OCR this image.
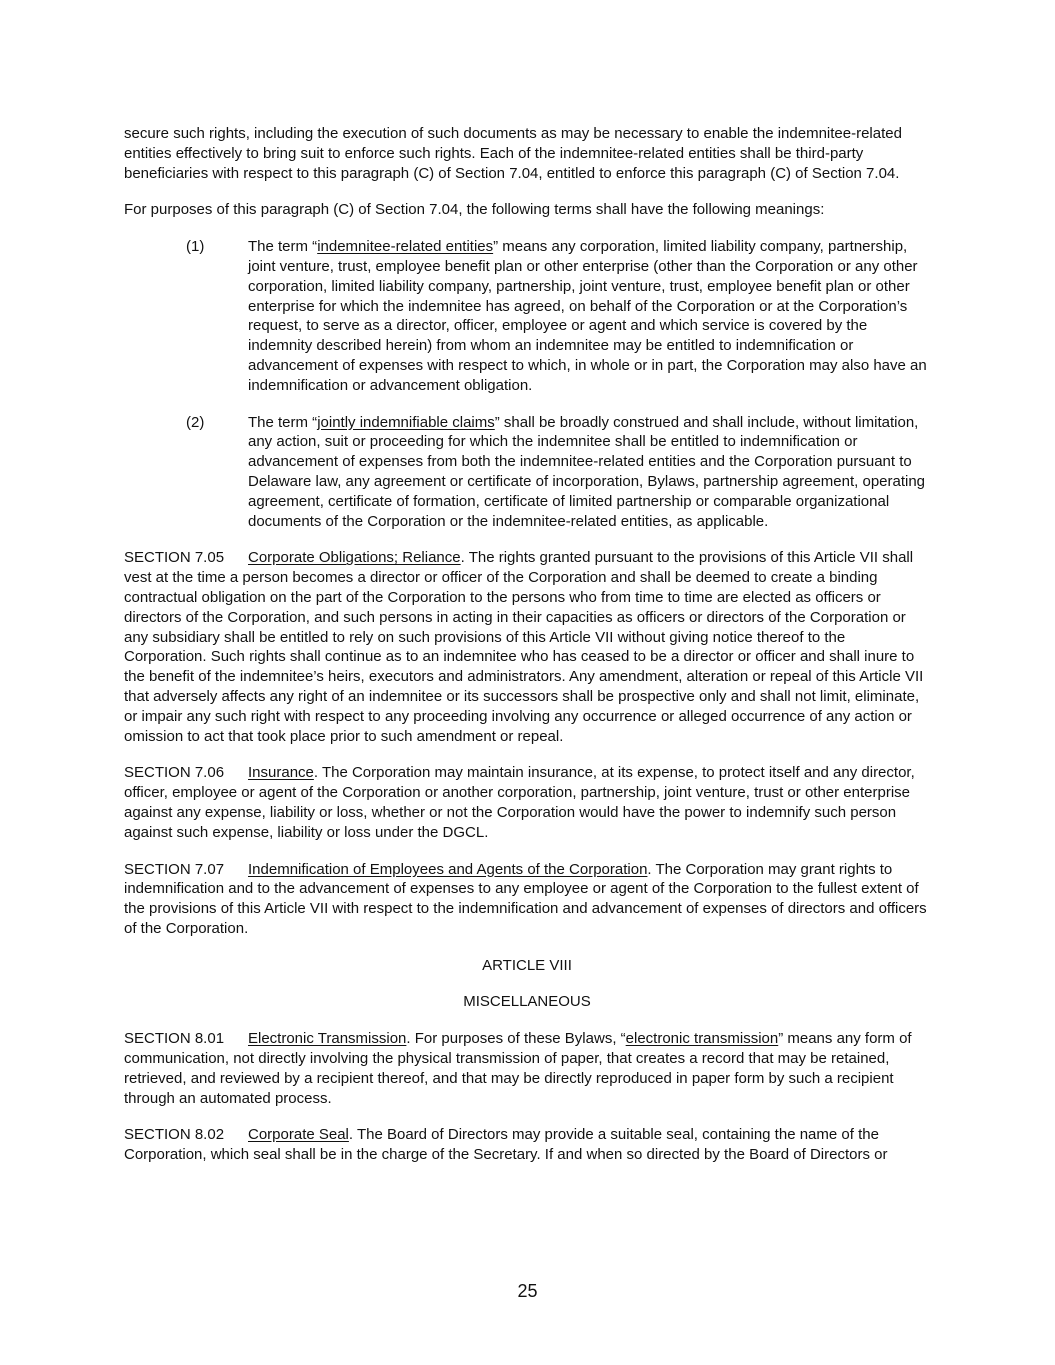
secure such rights, including the execution of such documents as may be necessary to enable the indemnitee-related entities effectively to bring suit to enforce such rights. Each of the indemnitee-related entities shall be third-party beneficiaries with respect to this paragraph (C) of Section 7.04, entitled to enforce this paragraph (C) of Section 7.04.

For purposes of this paragraph (C) of Section 7.04, the following terms shall have the following meanings:

(1)	The term “indemnitee-related entities” means any corporation, limited liability company, partnership, joint venture, trust, employee benefit plan or other enterprise (other than the Corporation or any other corporation, limited liability company, partnership, joint venture, trust, employee benefit plan or other enterprise for which the indemnitee has agreed, on behalf of the Corporation or at the Corporation’s request, to serve as a director, officer, employee or agent and which service is covered by the indemnity described herein) from whom an indemnitee may be entitled to indemnification or advancement of expenses with respect to which, in whole or in part, the Corporation may also have an indemnification or advancement obligation.

(2)	The term “jointly indemnifiable claims” shall be broadly construed and shall include, without limitation, any action, suit or proceeding for which the indemnitee shall be entitled to indemnification or advancement of expenses from both the indemnitee-related entities and the Corporation pursuant to Delaware law, any agreement or certificate of incorporation, Bylaws, partnership agreement, operating agreement, certificate of formation, certificate of limited partnership or comparable organizational documents of the Corporation or the indemnitee-related entities, as applicable.

SECTION 7.05 Corporate Obligations; Reliance. The rights granted pursuant to the provisions of this Article VII shall vest at the time a person becomes a director or officer of the Corporation and shall be deemed to create a binding contractual obligation on the part of the Corporation to the persons who from time to time are elected as officers or directors of the Corporation, and such persons in acting in their capacities as officers or directors of the Corporation or any subsidiary shall be entitled to rely on such provisions of this Article VII without giving notice thereof to the Corporation. Such rights shall continue as to an indemnitee who has ceased to be a director or officer and shall inure to the benefit of the indemnitee’s heirs, executors and administrators. Any amendment, alteration or repeal of this Article VII that adversely affects any right of an indemnitee or its successors shall be prospective only and shall not limit, eliminate, or impair any such right with respect to any proceeding involving any occurrence or alleged occurrence of any action or omission to act that took place prior to such amendment or repeal.

SECTION 7.06 Insurance. The Corporation may maintain insurance, at its expense, to protect itself and any director, officer, employee or agent of the Corporation or another corporation, partnership, joint venture, trust or other enterprise against any expense, liability or loss, whether or not the Corporation would have the power to indemnify such person against such expense, liability or loss under the DGCL.

SECTION 7.07 Indemnification of Employees and Agents of the Corporation. The Corporation may grant rights to indemnification and to the advancement of expenses to any employee or agent of the Corporation to the fullest extent of the provisions of this Article VII with respect to the indemnification and advancement of expenses of directors and officers of the Corporation.

ARTICLE VIII

MISCELLANEOUS

SECTION 8.01 Electronic Transmission. For purposes of these Bylaws, “electronic transmission” means any form of communication, not directly involving the physical transmission of paper, that creates a record that may be retained, retrieved, and reviewed by a recipient thereof, and that may be directly reproduced in paper form by such a recipient through an automated process.

SECTION 8.02 Corporate Seal. The Board of Directors may provide a suitable seal, containing the name of the Corporation, which seal shall be in the charge of the Secretary. If and when so directed by the Board of Directors or

25
